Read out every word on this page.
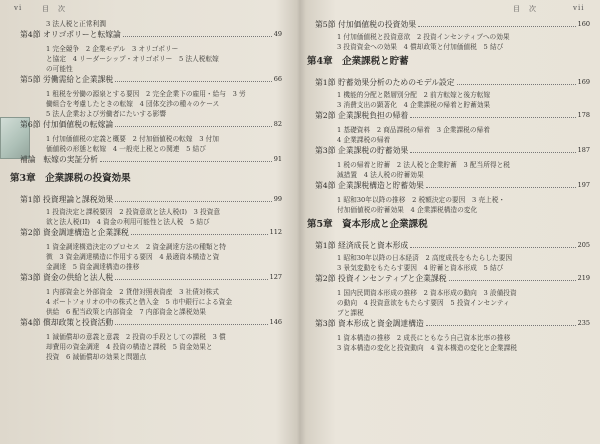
vi	目　次
3 法人税と正常利潤
第4節 オリゴポリーと転嫁論	49
1 完全競争　2 企業モデル　3 オリゴポリー
と協定　4 リーダーシップ・オリゴポリー　5 法人税転嫁
の可能性
第5節 労働需給と企業課税	66
1 租税を労働の源泉とする要因　2 完全企業下の雇用・給与　3 労
働組合を考慮したときの転嫁　4 団体交渉の種々のケース
5 法人企業および労働者にたいする影響
第6節 付加価値税の転嫁論	82
1 付加価値税の定義と概要　2 付加価値税の転嫁　3 付加
価値税の形態と転嫁　4 一般売上税との関連　5 結び
補論　転嫁の実証分析	91
第3章　企業課税の投資効果
第1節 投資理論と課税効果	99
1 投資決定と課税要因　2 投資意欲と法人税(I)　3 投資意
欲と法人税(II)　4 資金の利用可能性と法人税　5 結び
第2節 資金調達構造と企業課税	112
1 資金調達構造決定のプロセス　2 資金調達方法の種類と特
徴　3 資金調達構造に作用する要因　4 最適資本構造と資
金調達　5 資金調達構造の推移
第3節 資金の供給と法人税	127
1 内部資金と外部資金　2 貸借対照表資産　3 社債対株式
4 ポートフォリオの中の株式と借入金　5 市中銀行による資金
供給　6 配当政策と内部資金　7 内部資金と課税効果
第4節 償却政策と投資活動	146
1 減価償却の意義と意義　2 投資の手段としての課税　3 償
却費用の資金調達　4 投資の構造と課税　5 資金効果と
投資　6 減価償却の効果と問題点
目　次	vii
第5節 付加価値税の投資効果	160
1 付加価値税と投資意欲　2 投資インセンティブへの効果
3 投資資金への効果　4 償却政策と付加価値税　5 結び
第4章　企業課税と貯蓄
第1節 貯蓄効果分析のためのモデル設定	169
1 機能的分配と階層別分配　2 前方転嫁と後方転嫁
3 消費支出の顕著化　4 企業課税の帰着と貯蓄効果
第2節 企業課税負担の帰着	178
1 基礎資料　2 商品課税の帰着　3 企業課税の帰着
4 企業課税の帰着
第3節 企業課税の貯蓄効果	187
1 税の帰着と貯蓄　2 法人税と企業貯蓄　3 配当所得と税
減措置　4 法人税の貯蓄効果
第4節 企業課税構造と貯蓄効果	197
1 昭和30年以降の推移　2 税額決定の要因　3 売上税・
付加価値税の貯蓄効果　4 企業課税構造の変化
第5章　資本形成と企業課税
第1節 経済成長と資本形成	205
1 昭和30年以降の日本経済　2 高度成長をもたらした要因
3 景気変動をもたらす要因　4 貯蓄と資本形成　5 結び
第2節 投資インセンティブと企業課税	219
1 国内民間資本形成の推移　2 資本形成の動向　3 設備投資
の動向　4 投資意欲をもたらす要因　5 投資インセンティ
ブと課税
第3節 資本形成と資金調達構造	235
1 資本構造の推移　2 成長にともなう自己資本比率の推移
3 資本構造の変化と投資動向　4 資本構造の変化と企業課税
